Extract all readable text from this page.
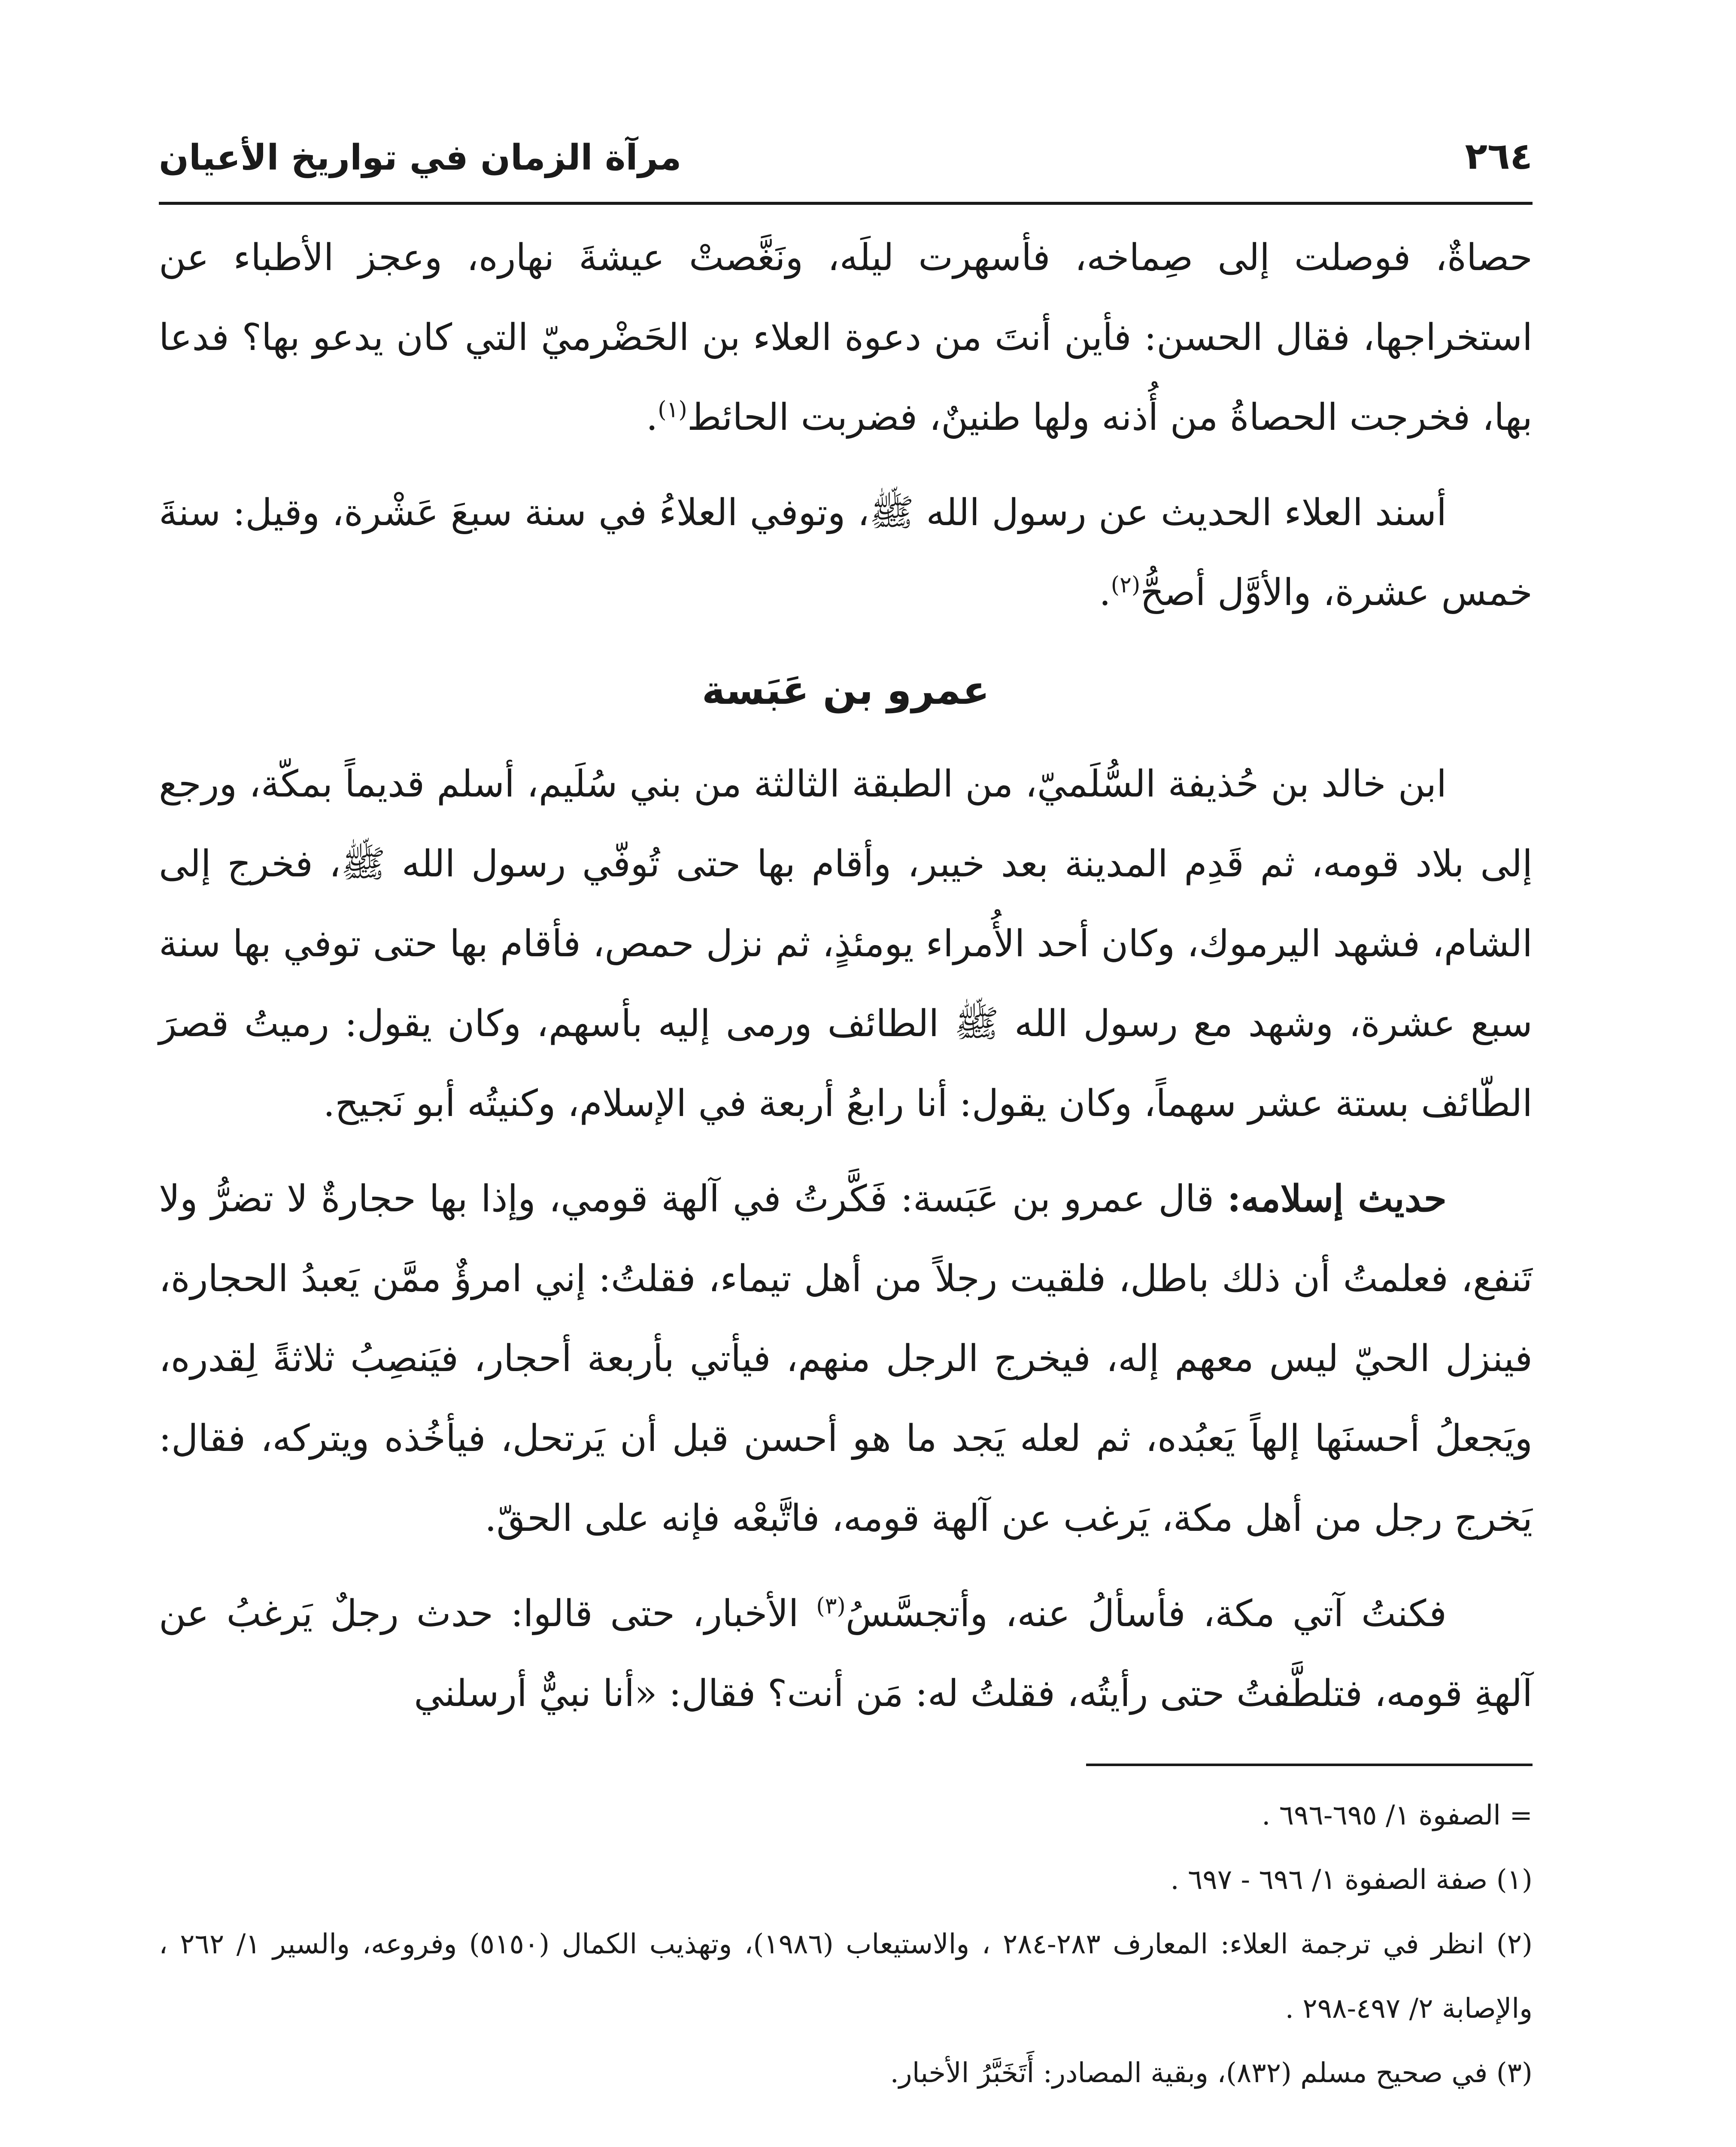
٢٦٤
مرآة الزمان في تواريخ الأعيان

حصاةٌ، فوصلت إلى صِماخه، فأسهرت ليلَه، ونَغَّصتْ عيشةَ نهاره، وعجز الأطباء عن استخراجها، فقال الحسن: فأين أنتَ من دعوة العلاء بن الحَضْرميّ التي كان يدعو بها؟ فدعا بها، فخرجت الحصاةُ من أُذنه ولها طنينٌ، فضربت الحائط$^{(١)}$.

أسند العلاء الحديث عن رسول الله ﷺ، وتوفي العلاءُ في سنة سبعَ عَشْرة، وقيل: سنةَ خمس عشرة، والأوَّل أصحُّ$^{(٢)}$.

عمرو بن عَبَسة

ابن خالد بن حُذيفة السُّلَميّ، من الطبقة الثالثة من بني سُلَيم، أسلم قديماً بمكّة، ورجع إلى بلاد قومه، ثم قَدِم المدينة بعد خيبر، وأقام بها حتى تُوفّي رسول الله ﷺ، فخرج إلى الشام، فشهد اليرموك، وكان أحد الأُمراء يومئذٍ، ثم نزل حمص، فأقام بها حتى توفي بها سنة سبع عشرة، وشهد مع رسول الله ﷺ الطائف ورمى إليه بأسهم، وكان يقول: رميتُ قصرَ الطّائف بستة عشر سهماً، وكان يقول: أنا رابعُ أربعة في الإسلام، وكنيتُه أبو نَجيح.

حديث إسلامه: قال عمرو بن عَبَسة: فَكَّرتُ في آلهة قومي، وإذا بها حجارةٌ لا تضرُّ ولا تَنفع، فعلمتُ أن ذلك باطل، فلقيت رجلاً من أهل تيماء، فقلتُ: إني امرؤٌ ممَّن يَعبدُ الحجارة، فينزل الحيّ ليس معهم إله، فيخرج الرجل منهم، فيأتي بأربعة أحجار، فيَنصِبُ ثلاثةً لِقدره، ويَجعلُ أحسنَها إلهاً يَعبُده، ثم لعله يَجد ما هو أحسن قبل أن يَرتحل، فيأخُذه ويتركه، فقال: يَخرج رجل من أهل مكة، يَرغب عن آلهة قومه، فاتَّبعْه فإنه على الحقّ.

فكنتُ آتي مكة، فأسألُ عنه، وأتجسَّسُ$^{(٣)}$ الأخبار، حتى قالوا: حدث رجلٌ يَرغبُ عن آلهةِ قومه، فتلطَّفتُ حتى رأيتُه، فقلتُ له: مَن أنت؟ فقال: «أنا نبيٌّ أرسلني

= الصفوة ١/ ٦٩٥-٦٩٦ .

(١) صفة الصفوة ١/ ٦٩٦ - ٦٩٧ .

(٢) انظر في ترجمة العلاء: المعارف ٢٨٣-٢٨٤ ، والاستيعاب (١٩٨٦)، وتهذيب الكمال (٥١٥٠) وفروعه، والسير ١/ ٢٦٢ ، والإصابة ٢/ ٤٩٧-٢٩٨ .

(٣) في صحيح مسلم (٨٣٢)، وبقية المصادر: أَتَخَبَّرُ الأخبار.
